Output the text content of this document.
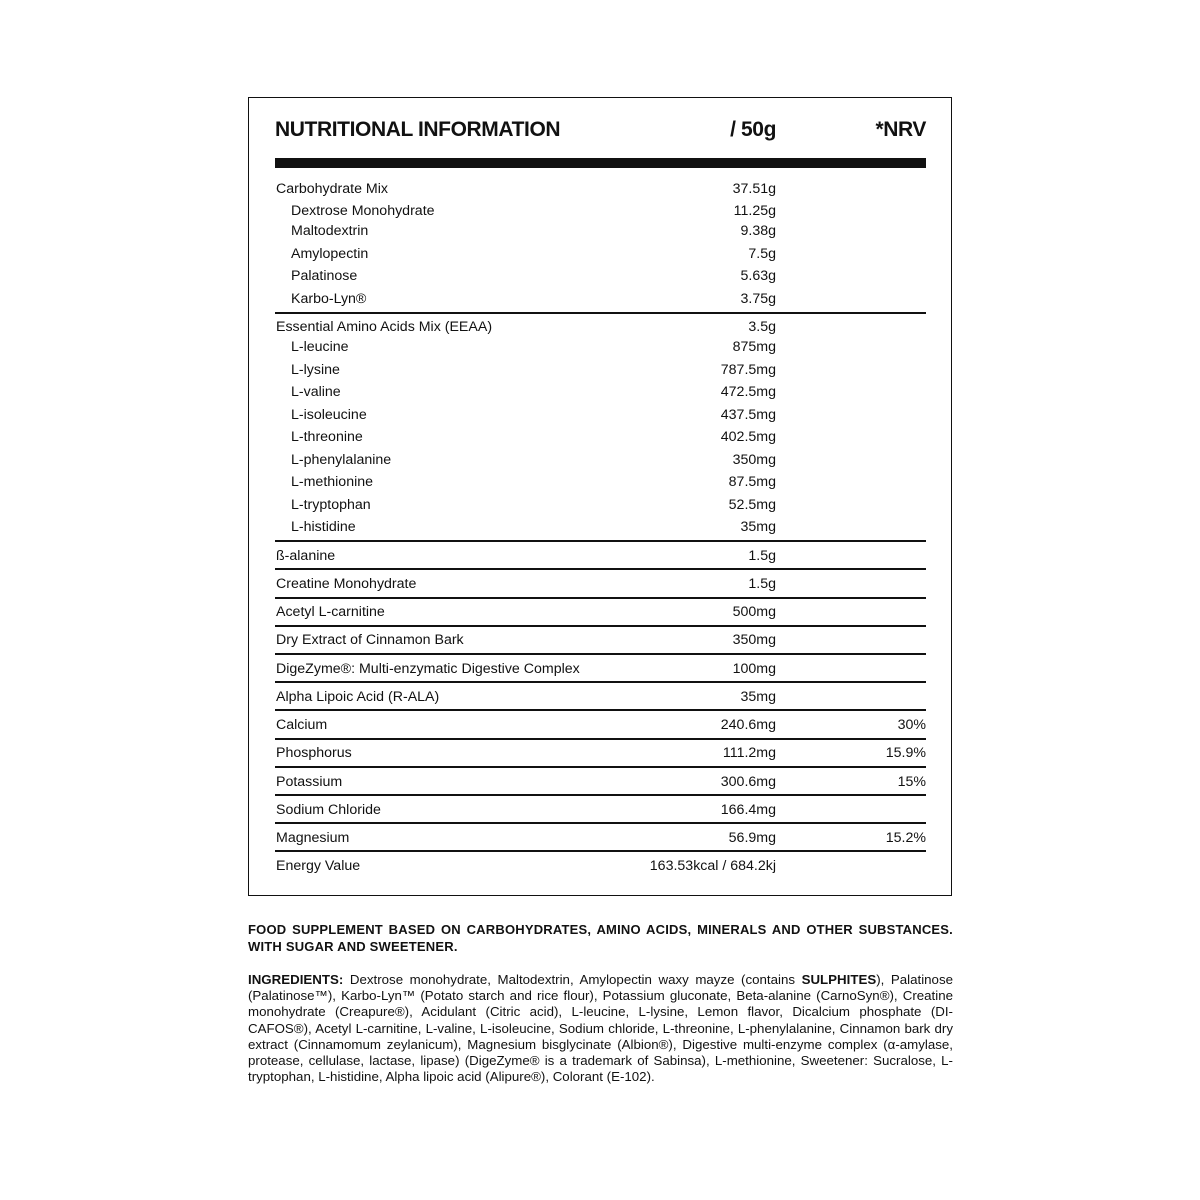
NUTRITIONAL INFORMATION	/ 50g	*NRV
Carbohydrate Mix	37.51g
Dextrose Monohydrate	11.25g
Maltodextrin	9.38g
Amylopectin	7.5g
Palatinose	5.63g
Karbo-Lyn®	3.75g
Essential Amino Acids Mix (EEAA)	3.5g
L-leucine	875mg
L-lysine	787.5mg
L-valine	472.5mg
L-isoleucine	437.5mg
L-threonine	402.5mg
L-phenylalanine	350mg
L-methionine	87.5mg
L-tryptophan	52.5mg
L-histidine	35mg
ß-alanine	1.5g
Creatine Monohydrate	1.5g
Acetyl L-carnitine	500mg
Dry Extract of Cinnamon Bark	350mg
DigeZyme®: Multi-enzymatic Digestive Complex	100mg
Alpha Lipoic Acid (R-ALA)	35mg
Calcium	240.6mg	30%
Phosphorus	111.2mg	15.9%
Potassium	300.6mg	15%
Sodium Chloride	166.4mg
Magnesium	56.9mg	15.2%
Energy Value	163.53kcal / 684.2kj
FOOD SUPPLEMENT BASED ON CARBOHYDRATES, AMINO ACIDS, MINERALS AND OTHER SUBSTANCES. WITH SUGAR AND SWEETENER.
INGREDIENTS: Dextrose monohydrate, Maltodextrin, Amylopectin waxy mayze (contains SULPHITES), Palatinose (Palatinose™), Karbo-Lyn™ (Potato starch and rice flour), Potassium gluconate, Beta-alanine (CarnoSyn®), Creatine monohydrate (Creapure®), Acidulant (Citric acid), L-leucine, L-lysine, Lemon flavor, Dicalcium phosphate (DI-CAFOS®), Acetyl L-carnitine, L-valine, L-isoleucine, Sodium chloride, L-threonine, L-phenylalanine, Cinnamon bark dry extract (Cinnamomum zeylanicum), Magnesium bisglycinate (Albion®), Digestive multi-enzyme complex (α-amylase, protease, cellulase, lactase, lipase) (DigeZyme® is a trademark of Sabinsa), L-methionine, Sweetener: Sucralose, L-tryptophan, L-histidine, Alpha lipoic acid (Alipure®), Colorant (E-102).
